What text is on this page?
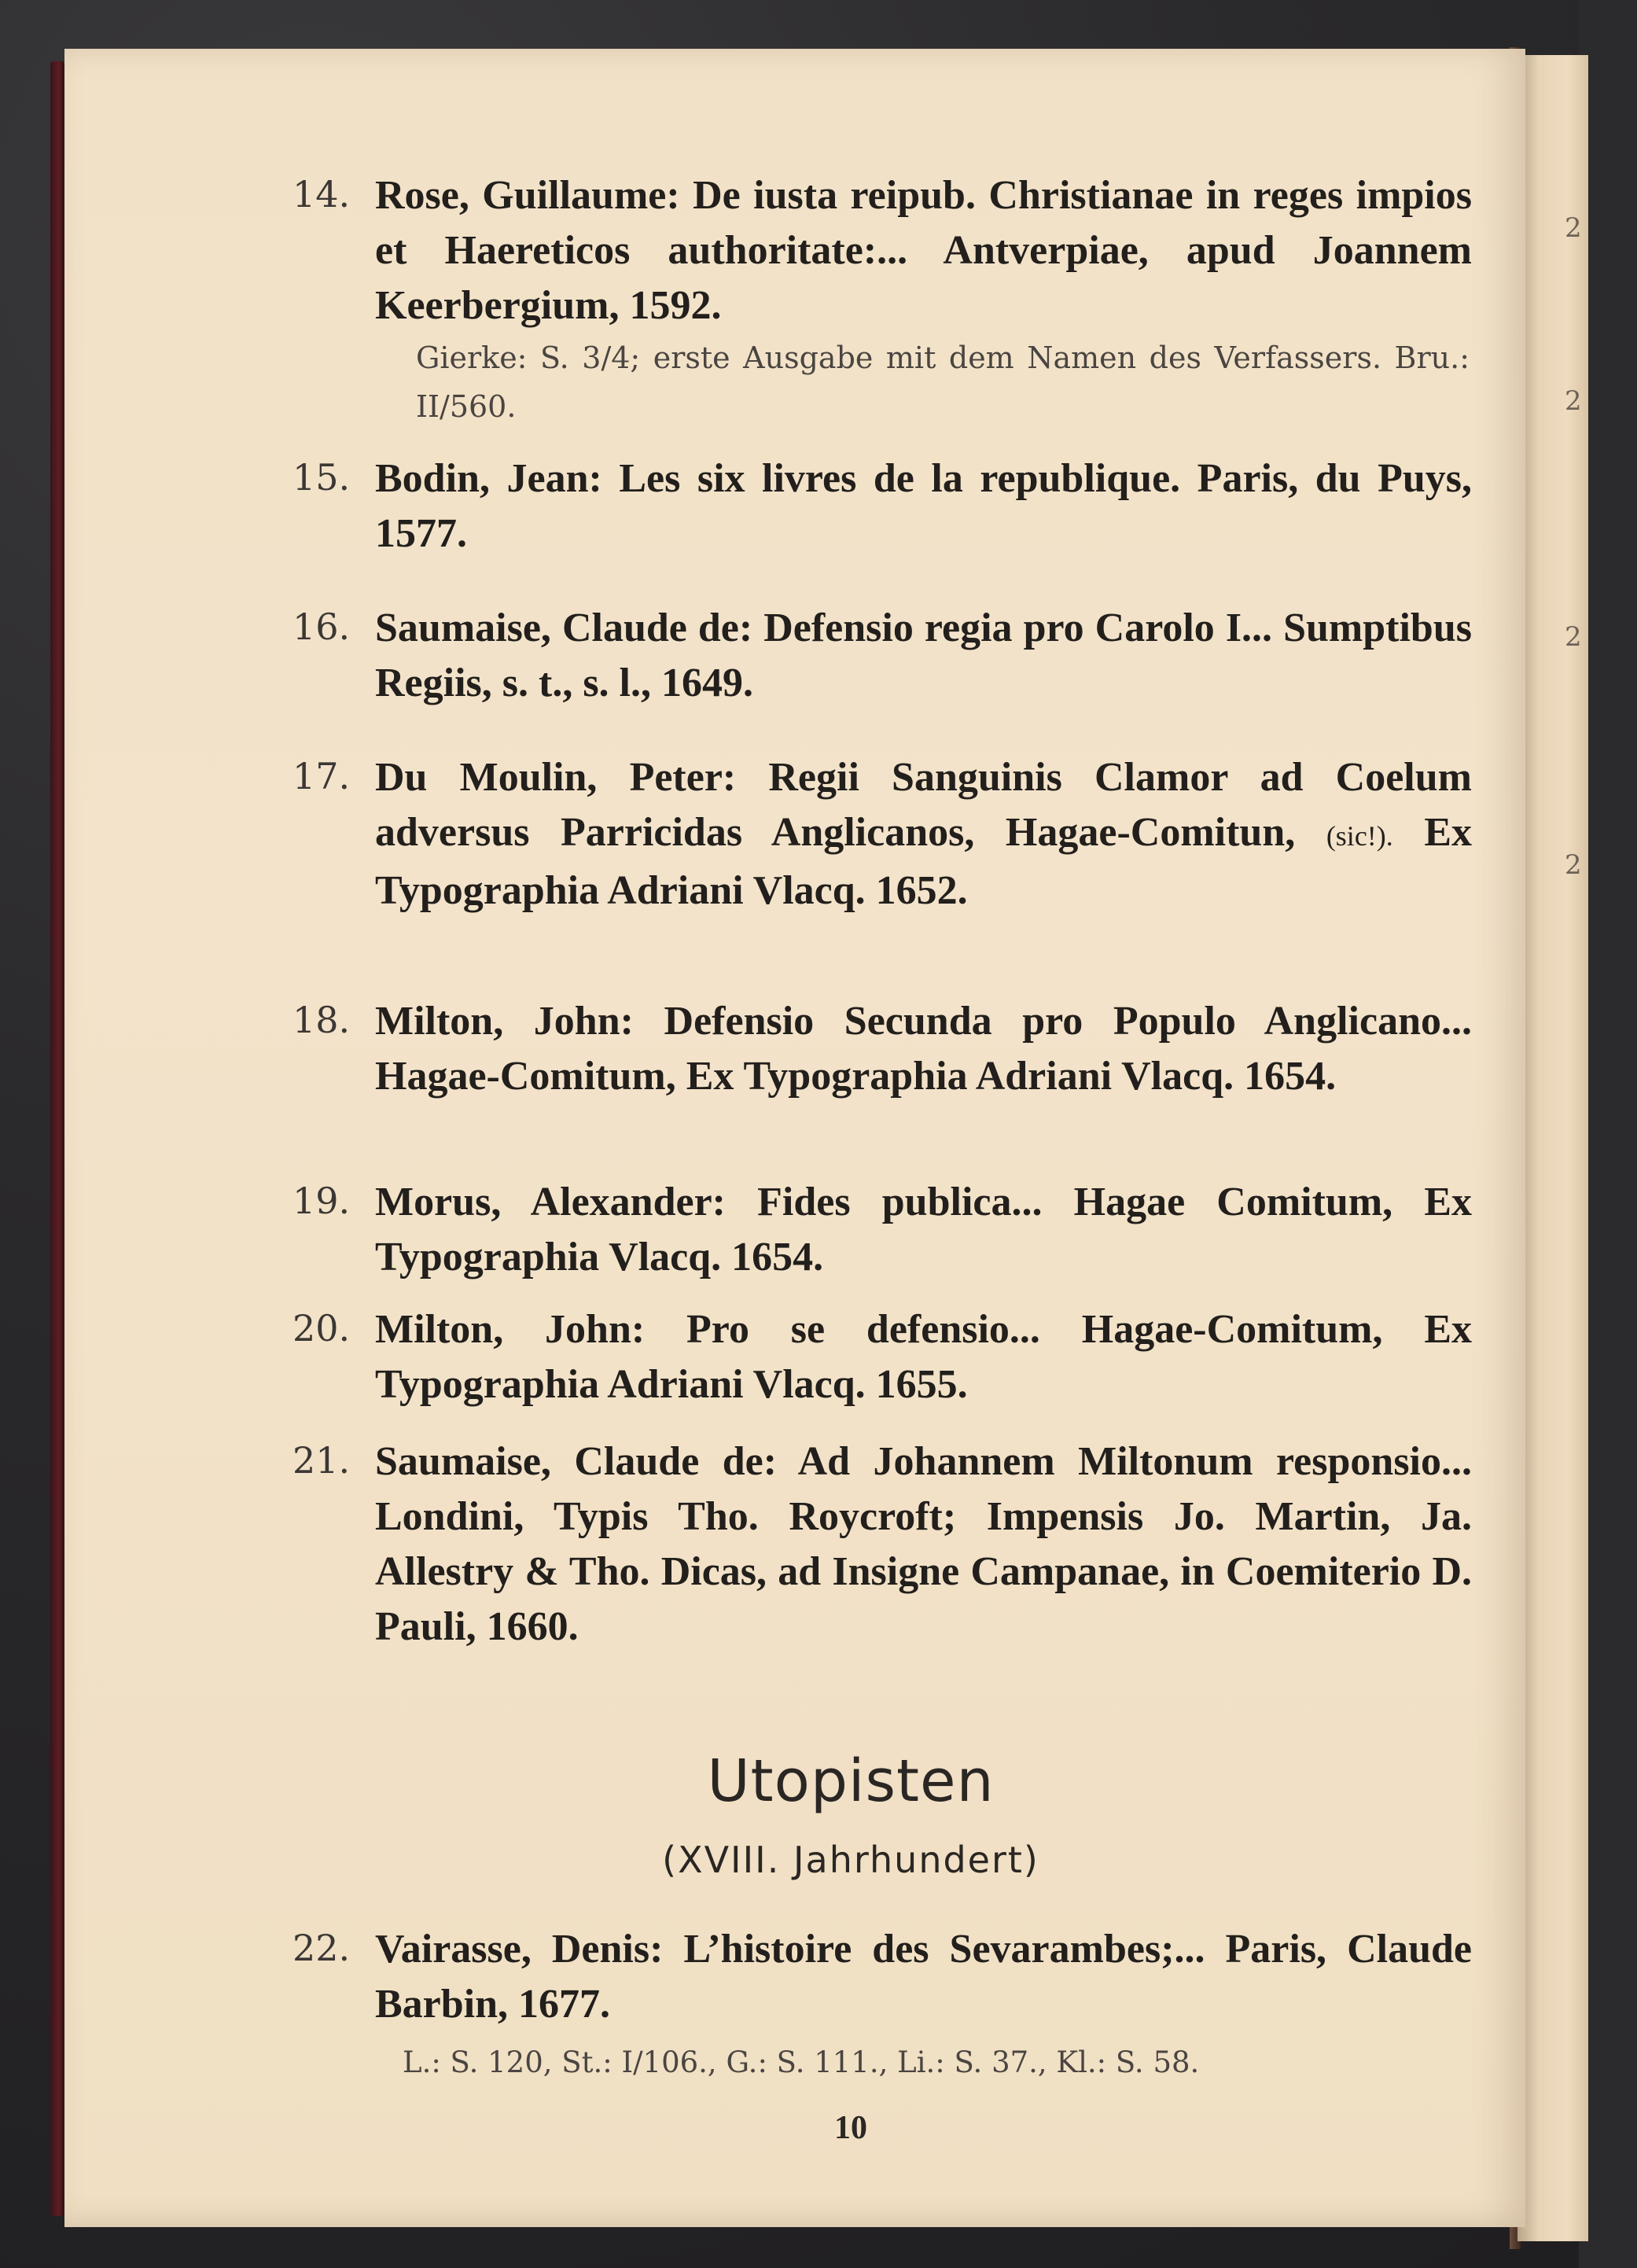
2
2
2
2
14. Rose, Guillaume: De iusta reipub. Christianae in reges impios et Haereticos authoritate:... Antverpiae, apud Joannem Keerbergium, 1592.
Gierke: S. 3/4; erste Ausgabe mit dem Namen des Verfassers. Bru.: II/560.
15. Bodin, Jean: Les six livres de la republique. Paris, du Puys, 1577.
16. Saumaise, Claude de: Defensio regia pro Carolo I... Sumptibus Regiis, s. t., s. l., 1649.
17. Du Moulin, Peter: Regii Sanguinis Clamor ad Coelum adversus Parricidas Anglicanos, Hagae-Comitun, (sic!). Ex Typographia Adriani Vlacq. 1652.
18. Milton, John: Defensio Secunda pro Populo Anglicano... Hagae-Comitum, Ex Typographia Adriani Vlacq. 1654.
19. Morus, Alexander: Fides publica... Hagae Comitum, Ex Typographia Vlacq. 1654.
20. Milton, John: Pro se defensio... Hagae-Comitum, Ex Typographia Adriani Vlacq. 1655.
21. Saumaise, Claude de: Ad Johannem Miltonum responsio... Londini, Typis Tho. Roycroft; Impensis Jo. Martin, Ja. Allestry & Tho. Dicas, ad Insigne Campanae, in Coemiterio D. Pauli, 1660.
Utopisten
(XVIII. Jahrhundert)
22. Vairasse, Denis: L’histoire des Sevarambes;... Paris, Claude Barbin, 1677.
L.: S. 120, St.: I/106., G.: S. 111., Li.: S. 37., Kl.: S. 58.
10
